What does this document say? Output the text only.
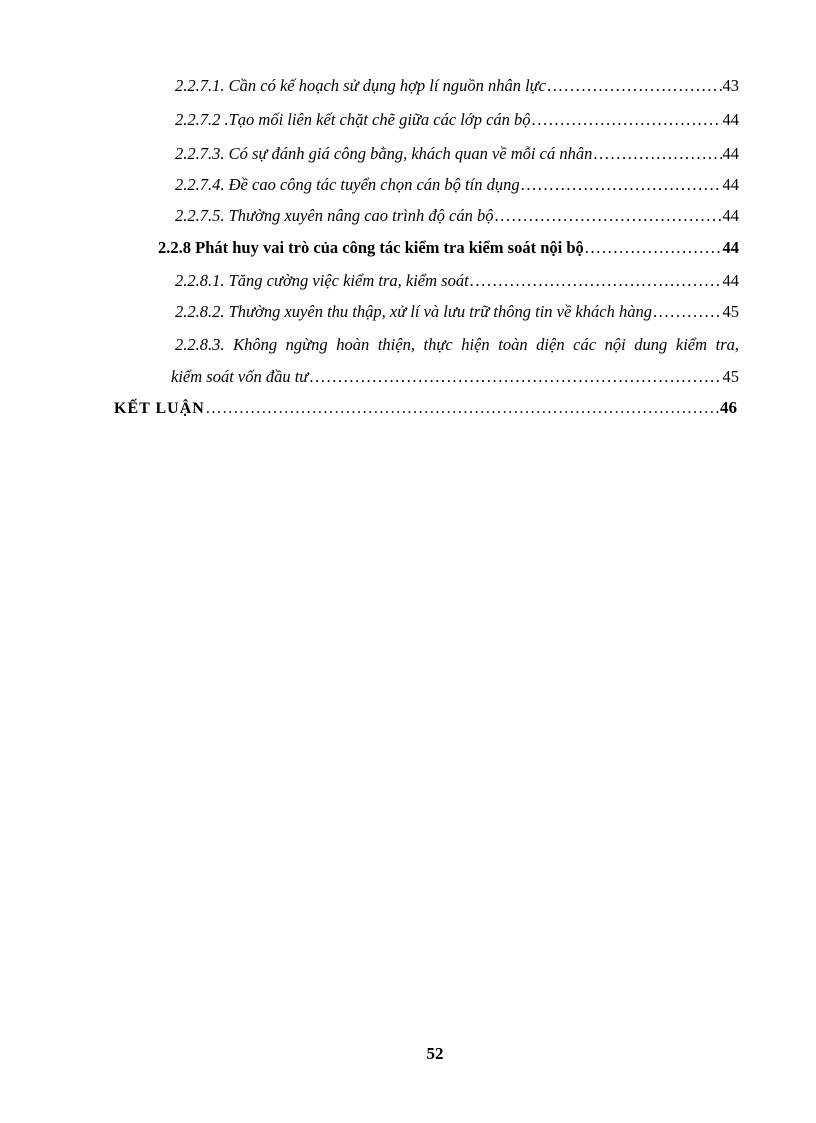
2.2.7.1. Cần có kế hoạch sử dụng hợp lí nguồn nhân lực .....	43
2.2.7.2 .Tạo mối liên kết chặt chẽ giữa các lớp cán bộ .....	44
2.2.7.3. Có sự đánh giá công bằng, khách quan về mỗi cá nhân .....	44
2.2.7.4. Đề cao công tác tuyển chọn cán bộ tín dụng .....	44
2.2.7.5. Thường xuyên nâng cao trình độ cán bộ .....	44
2.2.8 Phát huy vai trò của công tác kiểm tra kiểm soát nội bộ .....	44
2.2.8.1. Tăng cường việc kiểm tra, kiểm soát .....	44
2.2.8.2. Thường xuyên thu thập, xử lí và lưu trữ thông tin về khách hàng .....	45
2.2.8.3. Không ngừng hoàn thiện, thực hiện toàn diện các nội dung kiểm tra,
kiểm soát vốn đầu tư .....	45
KẾT LUẬN .....	46
52
